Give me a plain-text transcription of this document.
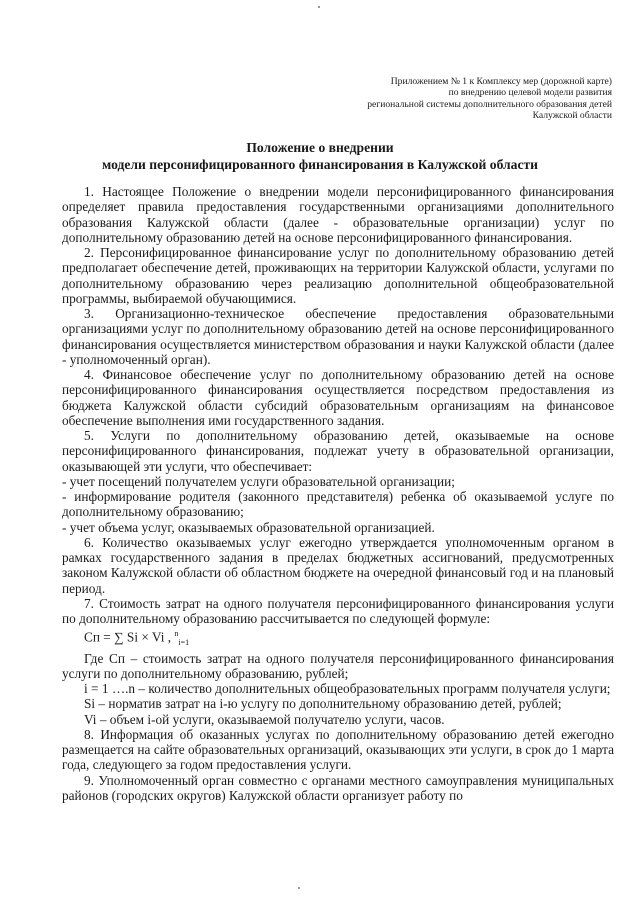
Приложением № 1 к Комплексу мер (дорожной карте)
по внедрению целевой модели развития
региональной системы дополнительного образования детей
Калужской области
Положение о внедрении
модели персонифицированного финансирования в Калужской области

1. Настоящее Положение о внедрении модели персонифицированного финансирования определяет правила предоставления государственными организациями дополнительного образования Калужской области (далее - образовательные организации) услуг по дополнительному образованию детей на основе персонифицированного финансирования.

2. Персонифицированное финансирование услуг по дополнительному образованию детей предполагает обеспечение детей, проживающих на территории Калужской области, услугами по дополнительному образованию через реализацию дополнительной общеобразовательной программы, выбираемой обучающимися.

3. Организационно-техническое обеспечение предоставления образовательными организациями услуг по дополнительному образованию детей на основе персонифицированного финансирования осуществляется министерством образования и науки Калужской области (далее - уполномоченный орган).

4. Финансовое обеспечение услуг по дополнительному образованию детей на основе персонифицированного финансирования осуществляется посредством предоставления из бюджета Калужской области субсидий образовательным организациям на финансовое обеспечение выполнения ими государственного задания.

5. Услуги по дополнительному образованию детей, оказываемые на основе персонифицированного финансирования, подлежат учету в образовательной организации, оказывающей эти услуги, что обеспечивает:

- учет посещений получателем услуги образовательной организации;

- информирование родителя (законного представителя) ребенка об оказываемой услуге по дополнительному образованию;

- учет объема услуг, оказываемых образовательной организацией.

6. Количество оказываемых услуг ежегодно утверждается уполномоченным органом в рамках государственного задания в пределах бюджетных ассигнований, предусмотренных законом Калужской области об областном бюджете на очередной финансовый год и на плановый период.

7. Стоимость затрат на одного получателя персонифицированного финансирования услуги по дополнительному образованию рассчитывается по следующей формуле:

Сп = ∑ Si × Vi , $^n_{i=1}$

Где Сп – стоимость затрат на одного получателя персонифицированного финансирования услуги по дополнительному образованию, рублей;

i = 1 ….n – количество дополнительных общеобразовательных программ получателя услуги;

Si – норматив затрат на i-ю услугу по дополнительному образованию детей, рублей;

Vi – объем i-ой услуги, оказываемой получателю услуги, часов.

8. Информация об оказанных услугах по дополнительному образованию детей ежегодно размещается на сайте образовательных организаций, оказывающих эти услуги, в срок до 1 марта года, следующего за годом предоставления услуги.

9. Уполномоченный орган совместно с органами местного самоуправления муниципальных районов (городских округов) Калужской области организует работу по
